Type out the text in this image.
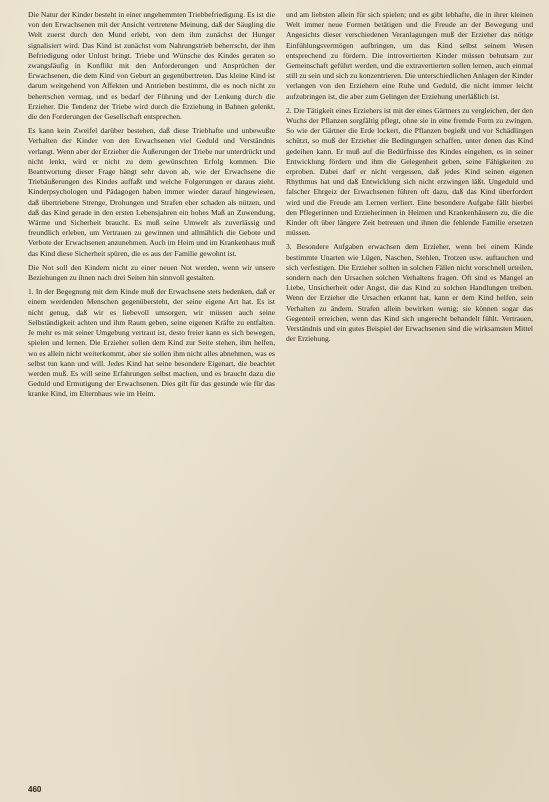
Die Natur der Kinder besteht in einer ungehemmten Triebbefriedigung. Es ist die von den Erwachsenen mit der Ansicht vertretene Meinung, daß der Säugling die Welt zuerst durch den Mund erlebt, von dem ihm zunächst der Hunger signalisiert wird. Das Kind ist zunächst vom Nahrungstrieb beherrscht, der ihm Befriedigung oder Unlust bringt. Triebe und Wünsche des Kindes geraten so zwangsläufig in Konflikt mit den Anforderungen und Ansprüchen der Erwachsenen, die dem Kind von Geburt an gegenübertreten. Das kleine Kind ist darum weitgehend von Affekten und Antrieben bestimmt, die es noch nicht zu beherrschen vermag, und es bedarf der Führung und der Lenkung durch die Erzieher. Die Tendenz der Triebe wird durch die Erziehung in Bahnen gelenkt, die den Forderungen der Gesellschaft entsprechen.

Es kann kein Zweifel darüber bestehen, daß diese Triebhafte und unbewußte Verhalten der Kinder von den Erwachsenen viel Geduld und Verständnis verlangt. Wenn aber der Erzieher die Äußerungen der Triebe nur unterdrückt und nicht lenkt, wird er nicht zu dem gewünschten Erfolg kommen. Die Beantwortung dieser Frage hängt sehr davon ab, wie der Erwachsene die Triebäußerungen des Kindes auffaßt und welche Folgerungen er daraus zieht. Kinderpsychologen und Pädagogen haben immer wieder darauf hingewiesen, daß übertriebene Strenge, Drohungen und Strafen eher schaden als nützen, und daß das Kind gerade in den ersten Lebensjahren ein hohes Maß an Zuwendung, Wärme und Sicherheit braucht. Es muß seine Umwelt als zuverlässig und freundlich erleben, um Vertrauen zu gewinnen und allmählich die Gebote und Verbote der Erwachsenen anzunehmen. Auch im Heim und im Krankenhaus muß das Kind diese Sicherheit spüren, die es aus der Familie gewohnt ist.

Die Not soll den Kindern nicht zu einer neuen Not werden, wenn wir unsere Beziehungen zu ihnen nach drei Seiten hin sinnvoll gestalten.

1. In der Begegnung mit dem Kinde muß der Erwachsene stets bedenken, daß er einem werdenden Menschen gegenübersteht, der seine eigene Art hat. Es ist nicht genug, daß wir es liebevoll umsorgen, wir müssen auch seine Selbständigkeit achten und ihm Raum geben, seine eigenen Kräfte zu entfalten. Je mehr es mit seiner Umgebung vertraut ist, desto freier kann es sich bewegen, spielen und lernen. Die Erzieher sollen dem Kind zur Seite stehen, ihm helfen, wo es allein nicht weiterkommt, aber sie sollen ihm nicht alles abnehmen, was es selbst tun kann und will. Jedes Kind hat seine besondere Eigenart, die beachtet werden muß. Es will seine Erfahrungen selbst machen, und es braucht dazu die Geduld und Ermutigung der Erwachsenen. Dies gilt für das gesunde wie für das kranke Kind, im Elternhaus wie im Heim.

und am liebsten allein für sich spielen; und es gibt lebhafte, die in ihrer kleinen Welt immer neue Formen betätigen und die Freude an der Bewegung und Angesichts dieser verschiedenen Veranlagungen muß der Erzieher das nötige Einfühlungsvermögen aufbringen, um das Kind selbst seinem Wesen entsprechend zu fördern. Die introvertierten Kinder müssen behutsam zur Gemeinschaft geführt werden, und die extravertierten sollen lernen, auch einmal still zu sein und sich zu konzentrieren. Die unterschiedlichen Anlagen der Kinder verlangen von den Erziehern eine Ruhe und Geduld, die nicht immer leicht aufzubringen ist, die aber zum Gelingen der Erziehung unerläßlich ist.

2. Die Tätigkeit eines Erziehers ist mit der eines Gärtners zu vergleichen, der den Wuchs der Pflanzen sorgfältig pflegt, ohne sie in eine fremde Form zu zwingen. So wie der Gärtner die Erde lockert, die Pflanzen begießt und vor Schädlingen schützt, so muß der Erzieher die Bedingungen schaffen, unter denen das Kind gedeihen kann. Er muß auf die Bedürfnisse des Kindes eingehen, es in seiner Entwicklung fördern und ihm die Gelegenheit geben, seine Fähigkeiten zu erproben. Dabei darf er nicht vergessen, daß jedes Kind seinen eigenen Rhythmus hat und daß Entwicklung sich nicht erzwingen läßt. Ungeduld und falscher Ehrgeiz der Erwachsenen führen oft dazu, daß das Kind überfordert wird und die Freude am Lernen verliert. Eine besondere Aufgabe fällt hierbei den Pflegerinnen und Erzieherinnen in Heimen und Krankenhäusern zu, die die Kinder oft über längere Zeit betreuen und ihnen die fehlende Familie ersetzen müssen.

3. Besondere Aufgaben erwachsen dem Erzieher, wenn bei einem Kinde bestimmte Unarten wie Lügen, Naschen, Stehlen, Trotzen usw. auftauchen und sich verfestigen. Die Erzieher sollten in solchen Fällen nicht vorschnell urteilen, sondern nach den Ursachen solchen Verhaltens fragen. Oft sind es Mangel an Liebe, Unsicherheit oder Angst, die das Kind zu solchen Handlungen treiben. Wenn der Erzieher die Ursachen erkannt hat, kann er dem Kind helfen, sein Verhalten zu ändern. Strafen allein bewirken wenig; sie können sogar das Gegenteil erreichen, wenn das Kind sich ungerecht behandelt fühlt. Vertrauen, Verständnis und ein gutes Beispiel der Erwachsenen sind die wirksamsten Mittel der Erziehung.

460
